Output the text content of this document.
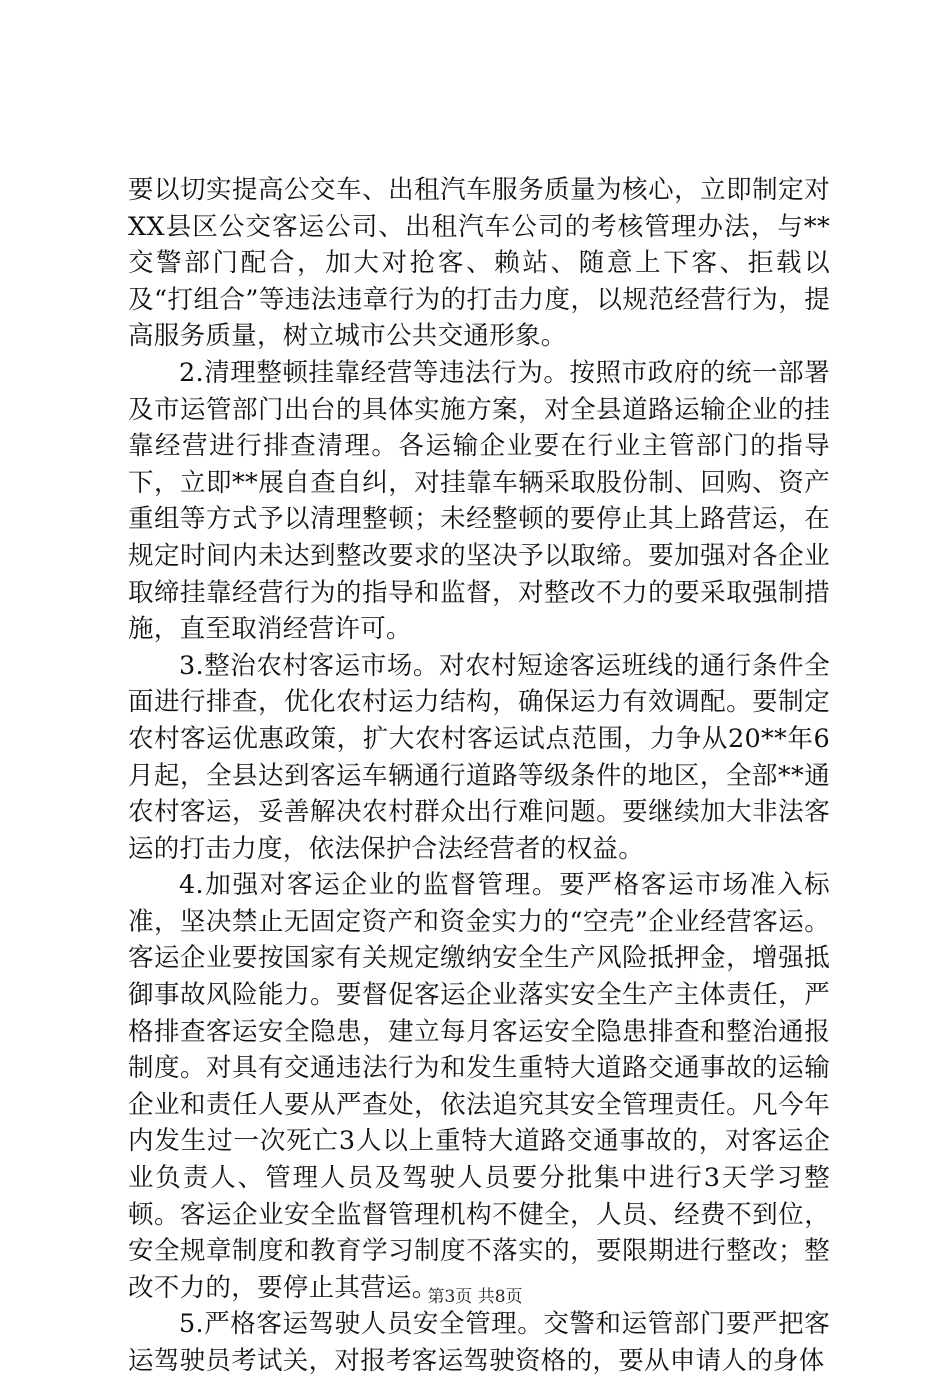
要以切实提高公交车、出租汽车服务质量为核心，立即制定对XX县区公交客运公司、出租汽车公司的考核管理办法，与**交警部门配合，加大对抢客、赖站、随意上下客、拒载以及“打组合”等违法违章行为的打击力度，以规范经营行为，提高服务质量，树立城市公共交通形象。

2.清理整顿挂靠经营等违法行为。按照市政府的统一部署及市运管部门出台的具体实施方案，对全县道路运输企业的挂靠经营进行排查清理。各运输企业要在行业主管部门的指导下，立即**展自查自纠，对挂靠车辆采取股份制、回购、资产重组等方式予以清理整顿；未经整顿的要停止其上路营运，在规定时间内未达到整改要求的坚决予以取缔。要加强对各企业取缔挂靠经营行为的指导和监督，对整改不力的要采取强制措施，直至取消经营许可。

3.整治农村客运市场。对农村短途客运班线的通行条件全面进行排查，优化农村运力结构，确保运力有效调配。要制定农村客运优惠政策，扩大农村客运试点范围，力争从20**年6月起，全县达到客运车辆通行道路等级条件的地区，全部**通农村客运，妥善解决农村群众出行难问题。要继续加大非法客运的打击力度，依法保护合法经营者的权益。

4.加强对客运企业的监督管理。要严格客运市场准入标准，坚决禁止无固定资产和资金实力的“空壳”企业经营客运。客运企业要按国家有关规定缴纳安全生产风险抵押金，增强抵御事故风险能力。要督促客运企业落实安全生产主体责任，严格排查客运安全隐患，建立每月客运安全隐患排查和整治通报制度。对具有交通违法行为和发生重特大道路交通事故的运输企业和责任人要从严查处，依法追究其安全管理责任。凡今年内发生过一次死亡3人以上重特大道路交通事故的，对客运企业负责人、管理人员及驾驶人员要分批集中进行3天学习整顿。客运企业安全监督管理机构不健全，人员、经费不到位，安全规章制度和教育学习制度不落实的，要限期进行整改；整改不力的，要停止其营运。

5.严格客运驾驶人员安全管理。交警和运管部门要严把客运驾驶员考试关，对报考客运驾驶资格的，要从申请人的身体

第3页 共8页
